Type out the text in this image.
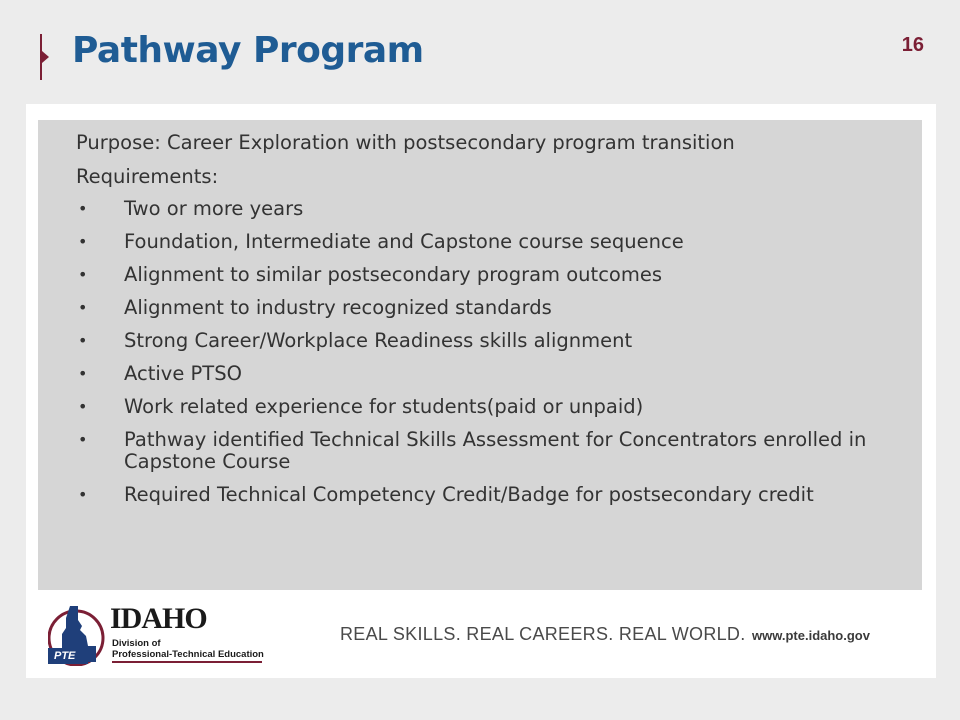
Pathway Program	16

Purpose: Career Exploration with postsecondary program transition

Requirements:

• Two or more years
• Foundation, Intermediate and Capstone course sequence
• Alignment to similar postsecondary program outcomes
• Alignment to industry recognized standards
• Strong Career/Workplace Readiness skills alignment
• Active PTSO
• Work related experience for students(paid or unpaid)
• Pathway identified Technical Skills Assessment for Concentrators enrolled in Capstone Course
• Required Technical Competency Credit/Badge for postsecondary credit
PTE
IDAHO
Division of
Professional-Technical Education
REAL SKILLS. REAL CAREERS. REAL WORLD. www.pte.idaho.gov
